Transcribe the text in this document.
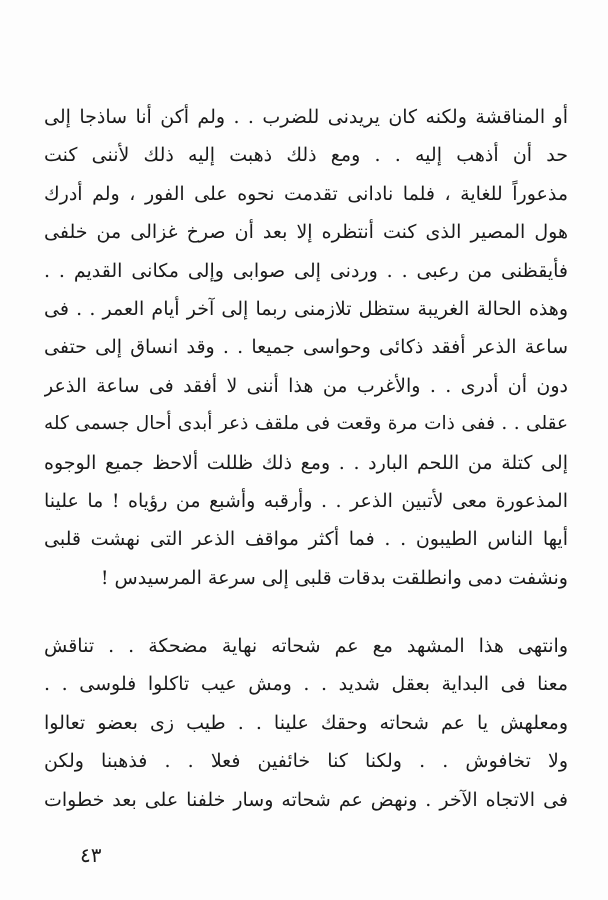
أو المناقشة ولكنه كان يريدنى للضرب . . ولم أكن أنا ساذجا إلى
حد أن أذهب إليه . . ومع ذلك ذهبت إليه ذلك لأننى كنت
مذعوراً للغاية ، فلما نادانى تقدمت نحوه على الفور ، ولم أدرك
هول المصير الذى كنت أنتظره إلا بعد أن صرخ غزالى من خلفى
فأيقظنى من رعبى . . وردنى إلى صوابى وإلى مكانى القديم . .
وهذه الحالة الغريبة ستظل تلازمنى ربما إلى آخر أيام العمر . . فى
ساعة الذعر أفقد ذكائى وحواسى جميعا . . وقد انساق إلى حتفى
دون أن أدرى . . والأغرب من هذا أننى لا أفقد فى ساعة الذعر
عقلى . . ففى ذات مرة وقعت فى ملقف ذعر أبدى أحال جسمى كله
إلى كتلة من اللحم البارد . . ومع ذلك ظللت ألاحظ جميع الوجوه
المذعورة معى لأتبين الذعر . . وأرقبه وأشبع من رؤياه ! ما علينا
أيها الناس الطيبون . . فما أكثر مواقف الذعر التى نهشت قلبى
ونشفت دمى وانطلقت بدقات قلبى إلى سرعة المرسيدس !
وانتهى هذا المشهد مع عم شحاته نهاية مضحكة . . تناقش
معنا فى البداية بعقل شديد . . ومش عيب تاكلوا فلوسى . .
ومعلهش يا عم شحاته وحقك علينا . . طيب زى بعضو تعالوا
ولا تخافوش . . ولكنا كنا خائفين فعلا . . فذهبنا ولكن
فى الاتجاه الآخر . ونهض عم شحاته وسار خلفنا على بعد خطوات
٤٣
